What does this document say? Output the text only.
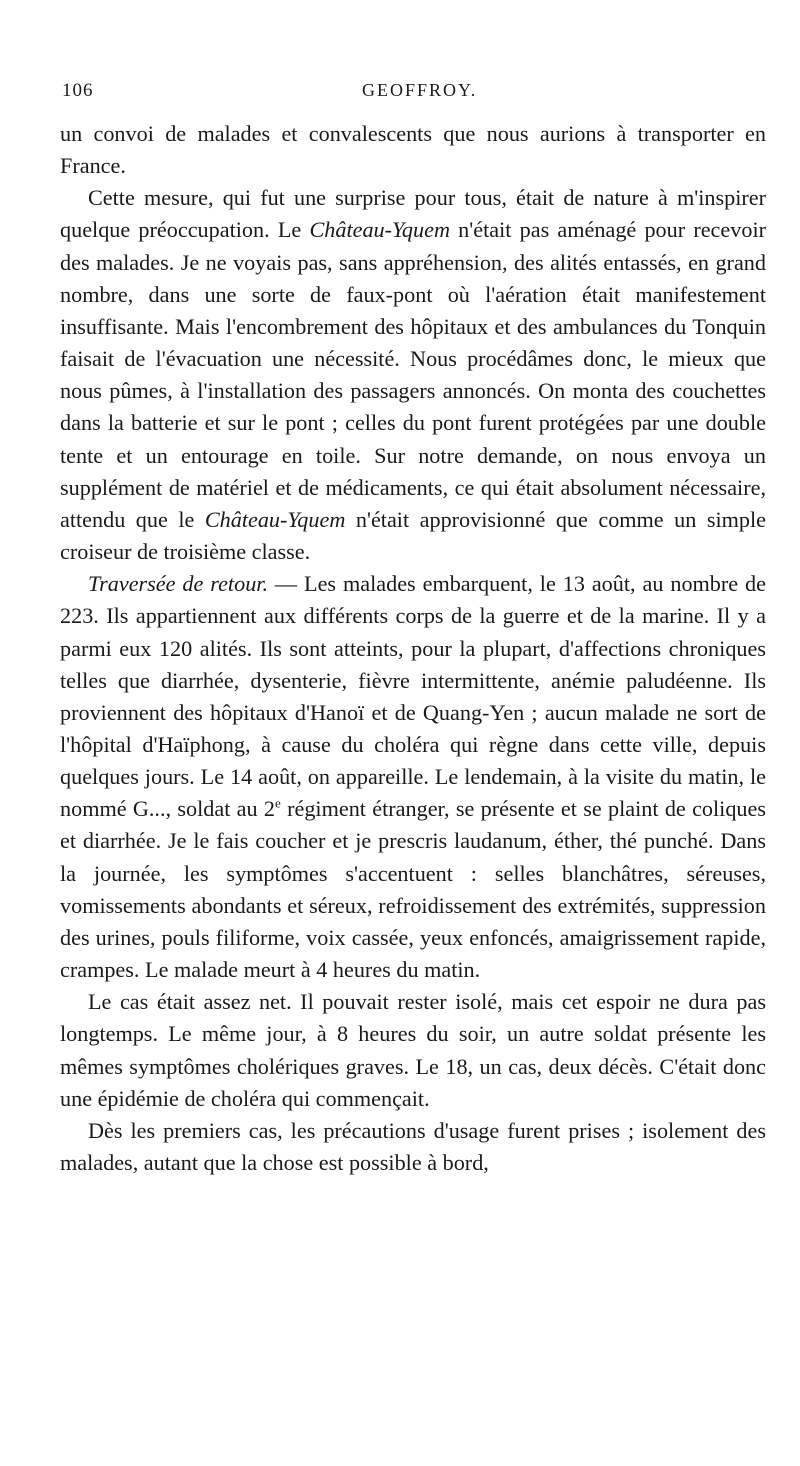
106	GEOFFROY.

un convoi de malades et convalescents que nous aurions à transporter en France.

Cette mesure, qui fut une surprise pour tous, était de nature à m'inspirer quelque préoccupation. Le Château-Yquem n'était pas aménagé pour recevoir des malades. Je ne voyais pas, sans appréhension, des alités entassés, en grand nombre, dans une sorte de faux-pont où l'aération était manifestement insuffisante. Mais l'encombrement des hôpitaux et des ambulances du Tonquin faisait de l'évacuation une nécessité. Nous procédâmes donc, le mieux que nous pûmes, à l'installation des passagers annoncés. On monta des couchettes dans la batterie et sur le pont ; celles du pont furent protégées par une double tente et un entourage en toile. Sur notre demande, on nous envoya un supplément de matériel et de médicaments, ce qui était absolument nécessaire, attendu que le Château-Yquem n'était approvisionné que comme un simple croiseur de troisième classe.

Traversée de retour. — Les malades embarquent, le 13 août, au nombre de 223. Ils appartiennent aux différents corps de la guerre et de la marine. Il y a parmi eux 120 alités. Ils sont atteints, pour la plupart, d'affections chroniques telles que diarrhée, dysenterie, fièvre intermittente, anémie paludéenne. Ils proviennent des hôpitaux d'Hanoï et de Quang-Yen ; aucun malade ne sort de l'hôpital d'Haïphong, à cause du choléra qui règne dans cette ville, depuis quelques jours. Le 14 août, on appareille. Le lendemain, à la visite du matin, le nommé G..., soldat au 2e régiment étranger, se présente et se plaint de coliques et diarrhée. Je le fais coucher et je prescris laudanum, éther, thé punché. Dans la journée, les symptômes s'accentuent : selles blanchâtres, séreuses, vomissements abondants et séreux, refroidissement des extrémités, suppression des urines, pouls filiforme, voix cassée, yeux enfoncés, amaigrissement rapide, crampes. Le malade meurt à 4 heures du matin.

Le cas était assez net. Il pouvait rester isolé, mais cet espoir ne dura pas longtemps. Le même jour, à 8 heures du soir, un autre soldat présente les mêmes symptômes cholériques graves. Le 18, un cas, deux décès. C'était donc une épidémie de choléra qui commençait.

Dès les premiers cas, les précautions d'usage furent prises ; isolement des malades, autant que la chose est possible à bord,
